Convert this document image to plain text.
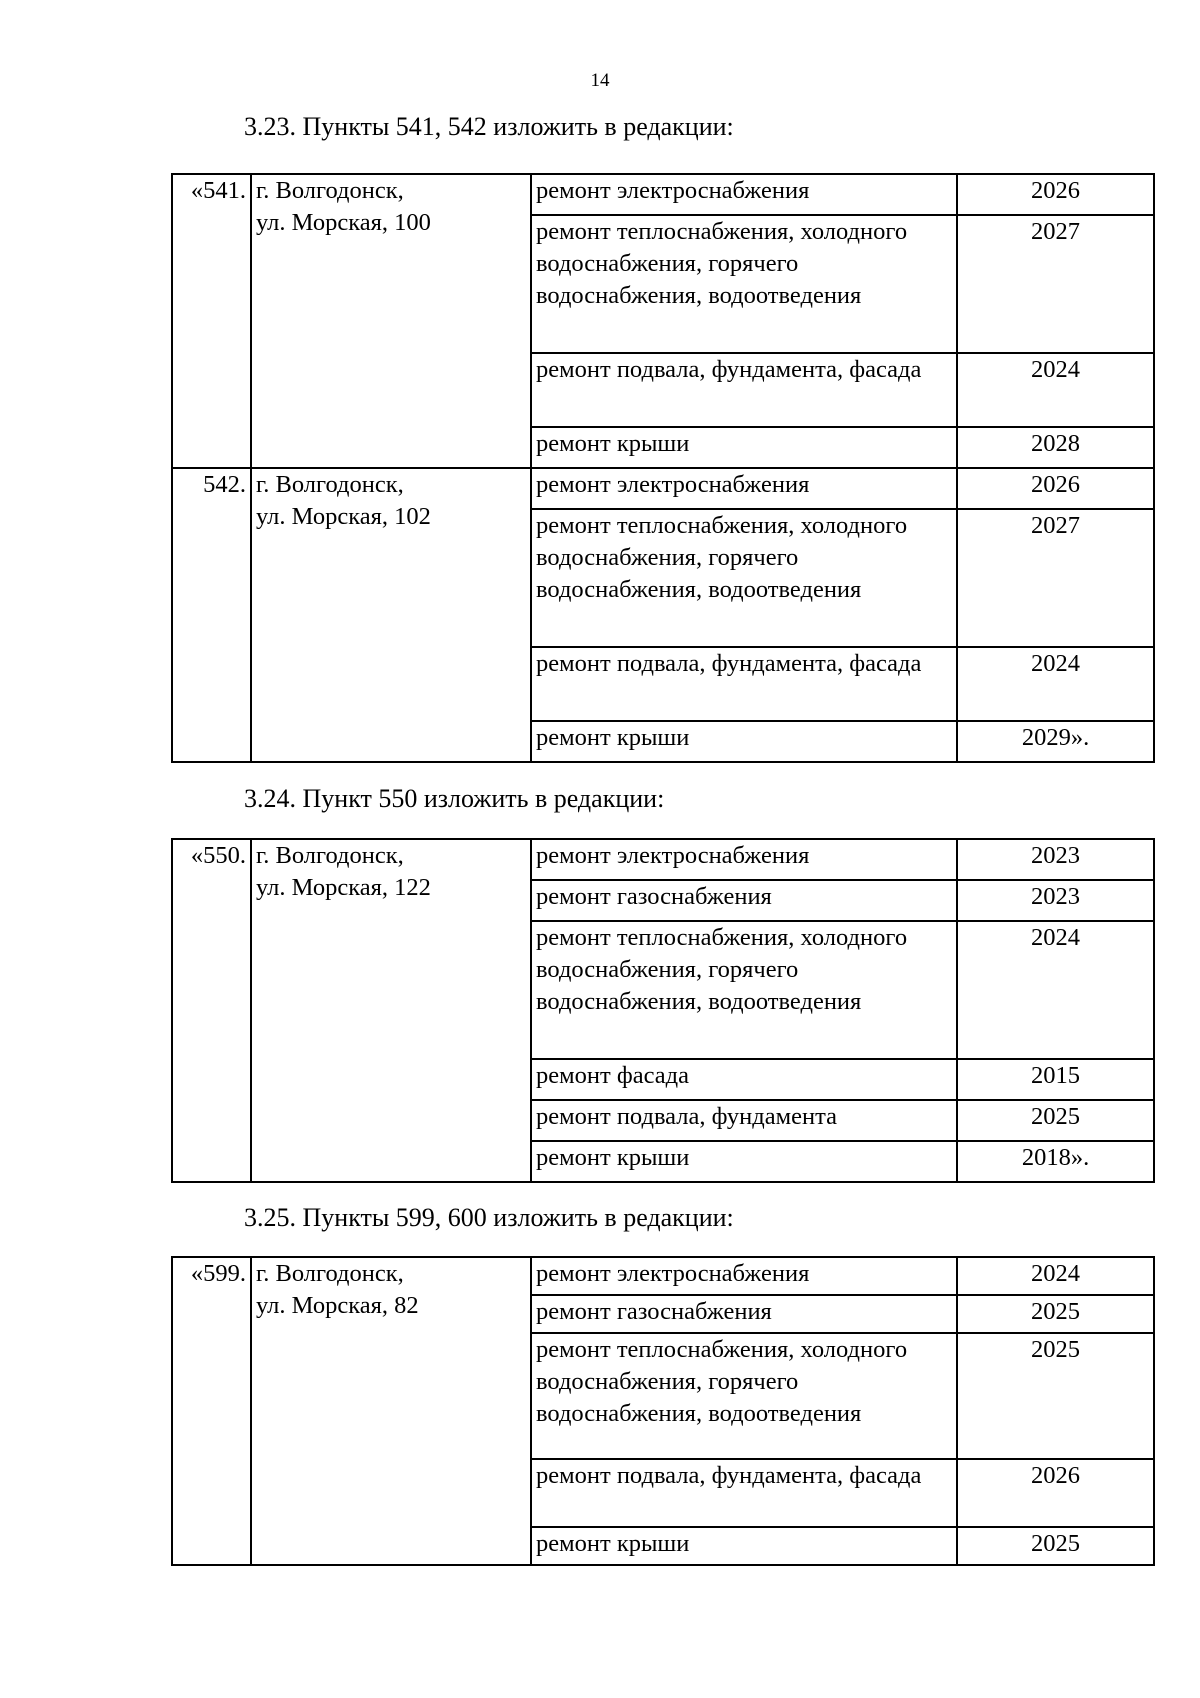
14
3.23. Пункты 541, 542 изложить в редакции:
«541.	г. Волгодонск,
ул. Морская, 100	ремонт электроснабжения	2026
		ремонт теплоснабжения, холодного водоснабжения, горячего водоснабжения, водоотведения	2027
		ремонт подвала, фундамента, фасада	2024
		ремонт крыши	2028
542.	г. Волгодонск,
ул. Морская, 102	ремонт электроснабжения	2026
		ремонт теплоснабжения, холодного водоснабжения, горячего водоснабжения, водоотведения	2027
		ремонт подвала, фундамента, фасада	2024
		ремонт крыши	2029».
3.24. Пункт 550 изложить в редакции:
«550.	г. Волгодонск,
ул. Морская, 122	ремонт электроснабжения	2023
		ремонт газоснабжения	2023
		ремонт теплоснабжения, холодного водоснабжения, горячего водоснабжения, водоотведения	2024
		ремонт фасада	2015
		ремонт подвала, фундамента	2025
		ремонт крыши	2018».
3.25. Пункты 599, 600 изложить в редакции:
«599.	г. Волгодонск,
ул. Морская, 82	ремонт электроснабжения	2024
		ремонт газоснабжения	2025
		ремонт теплоснабжения, холодного водоснабжения, горячего водоснабжения, водоотведения	2025
		ремонт подвала, фундамента, фасада	2026
		ремонт крыши	2025
